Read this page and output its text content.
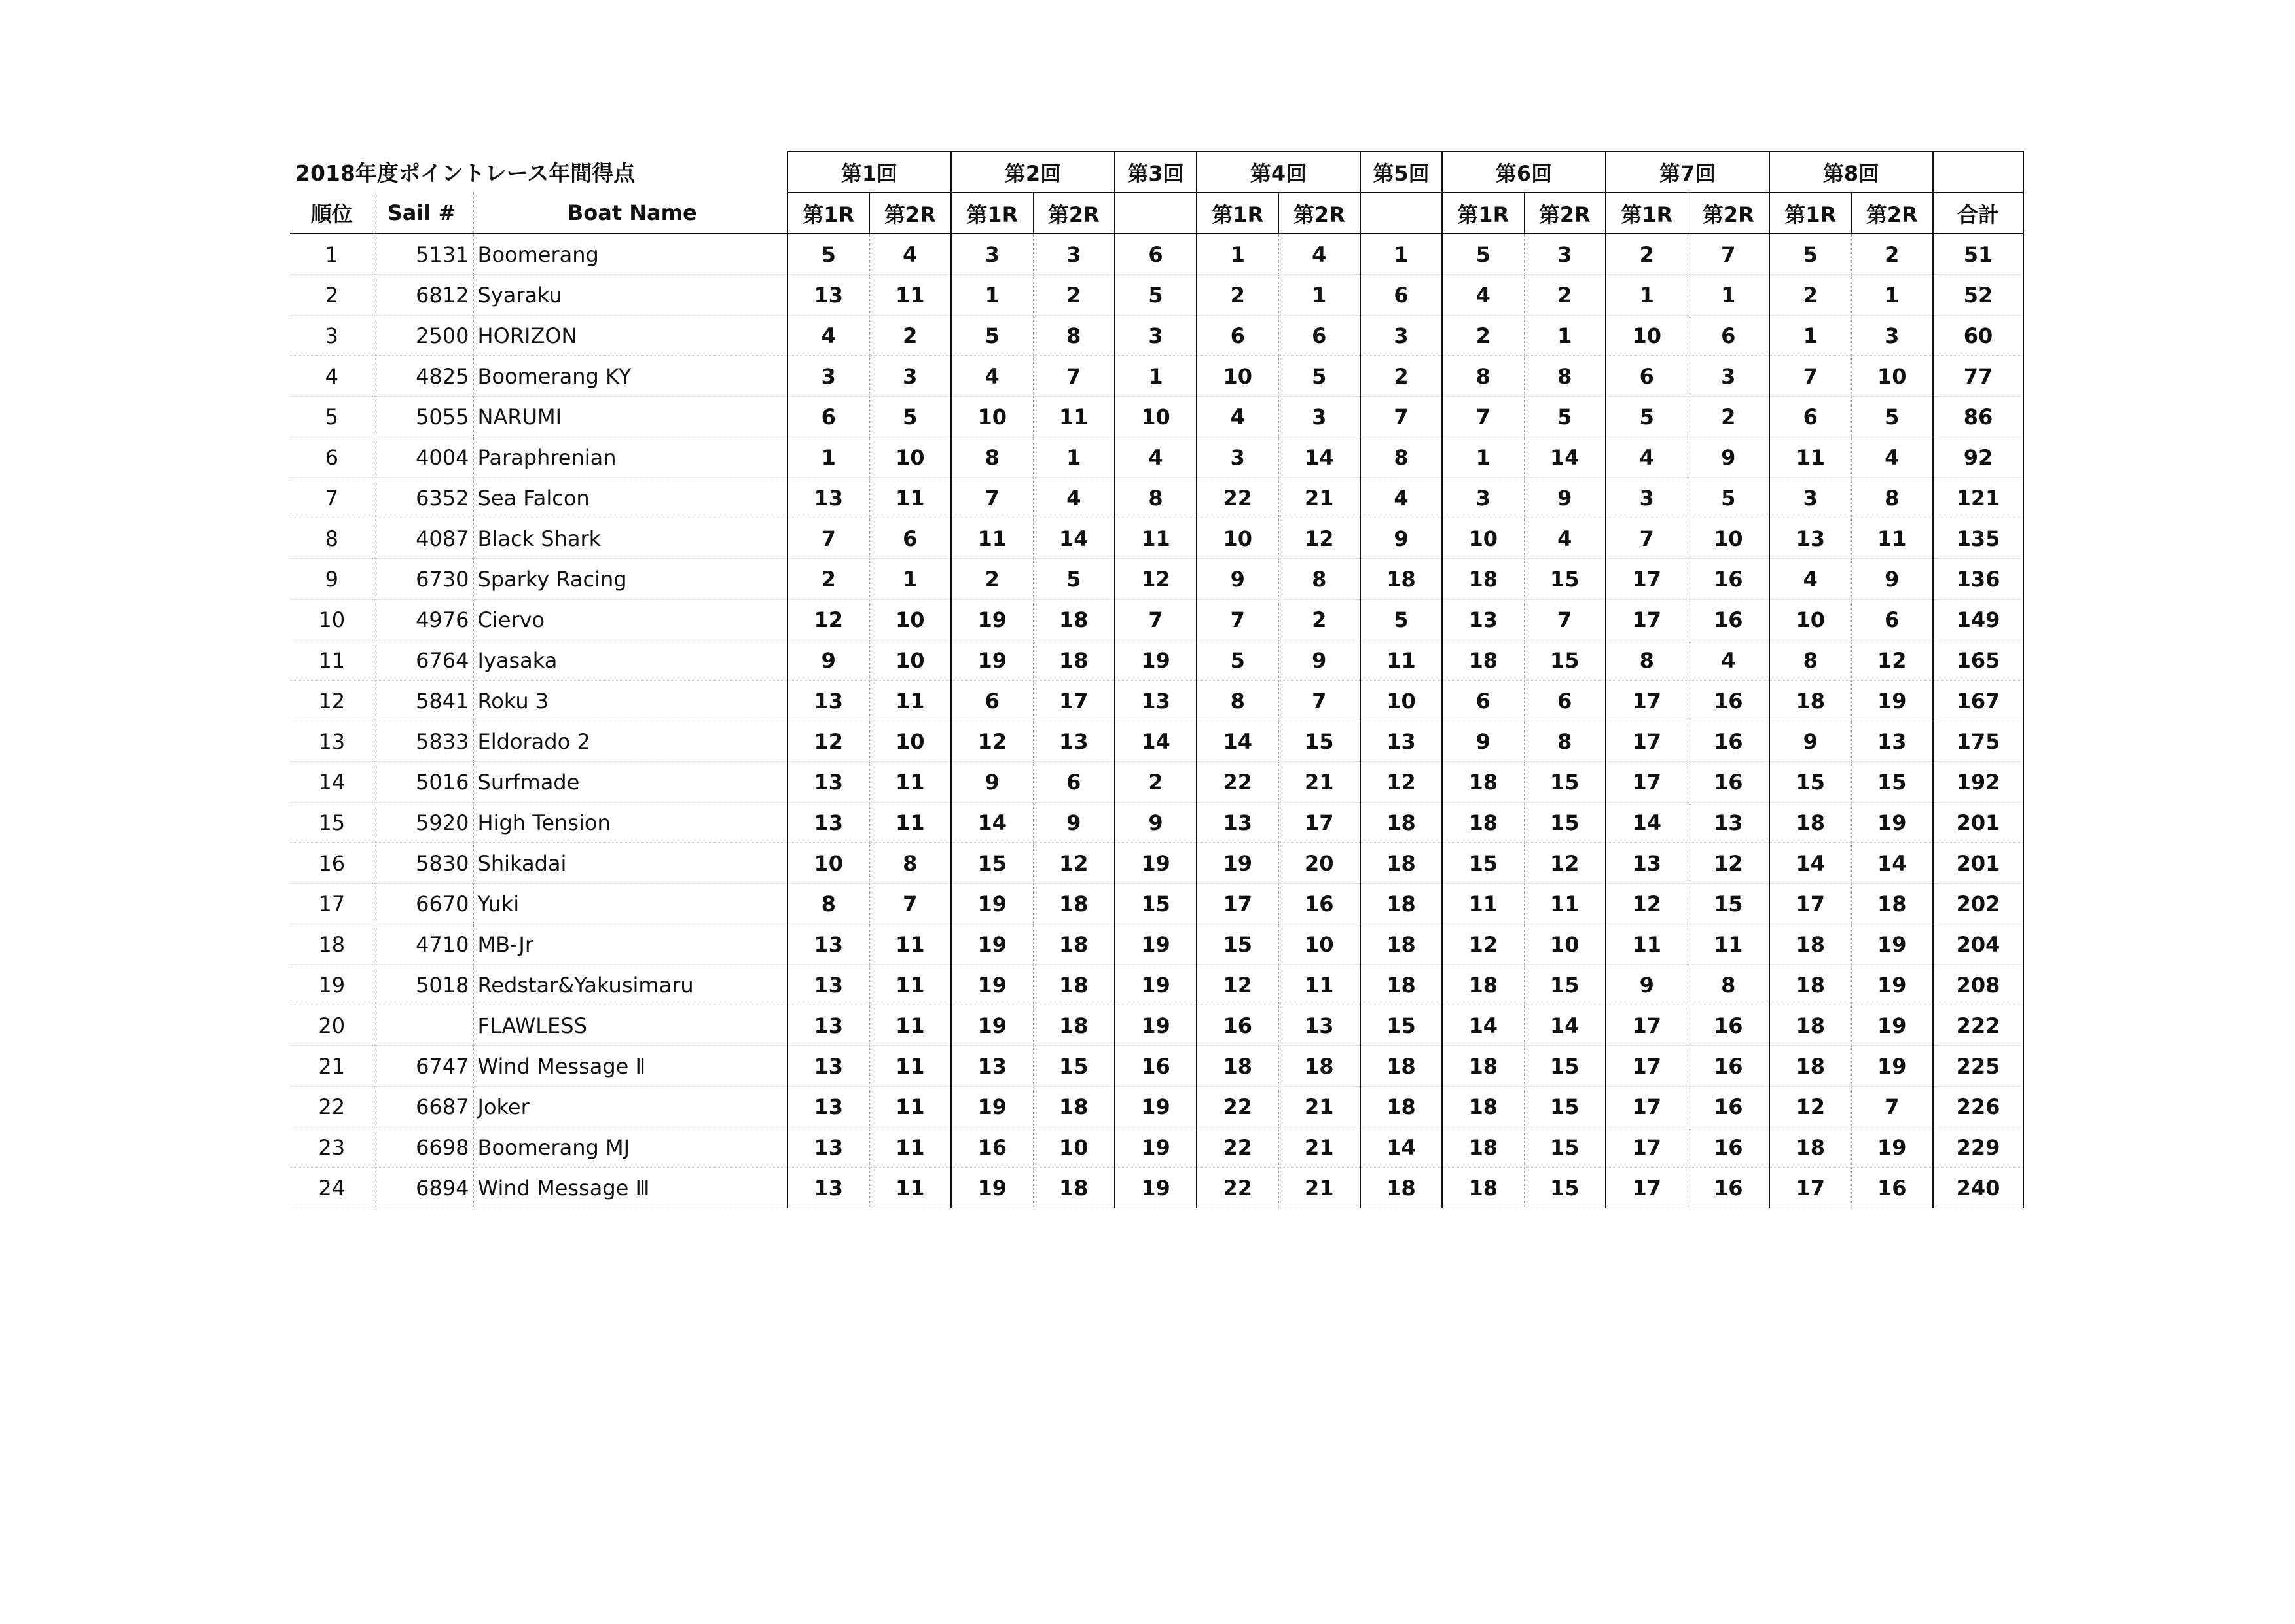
2018年度ポイントレース年間得点			第1回		第2回		第3回	第4回		第5回	第6回		第7回		第8回		
順位	Sail #	Boat Name	第1R	第2R	第1R	第2R		第1R	第2R		第1R	第2R	第1R	第2R	第1R	第2R	合計
1	5131	Boomerang	5	4	3	3	6	1	4	1	5	3	2	7	5	2	51
2	6812	Syaraku	13	11	1	2	5	2	1	6	4	2	1	1	2	1	52
3	2500	HORIZON	4	2	5	8	3	6	6	3	2	1	10	6	1	3	60
4	4825	Boomerang KY	3	3	4	7	1	10	5	2	8	8	6	3	7	10	77
5	5055	NARUMI	6	5	10	11	10	4	3	7	7	5	5	2	6	5	86
6	4004	Paraphrenian	1	10	8	1	4	3	14	8	1	14	4	9	11	4	92
7	6352	Sea Falcon	13	11	7	4	8	22	21	4	3	9	3	5	3	8	121
8	4087	Black Shark	7	6	11	14	11	10	12	9	10	4	7	10	13	11	135
9	6730	Sparky Racing	2	1	2	5	12	9	8	18	18	15	17	16	4	9	136
10	4976	Ciervo	12	10	19	18	7	7	2	5	13	7	17	16	10	6	149
11	6764	Iyasaka	9	10	19	18	19	5	9	11	18	15	8	4	8	12	165
12	5841	Roku 3	13	11	6	17	13	8	7	10	6	6	17	16	18	19	167
13	5833	Eldorado 2	12	10	12	13	14	14	15	13	9	8	17	16	9	13	175
14	5016	Surfmade	13	11	9	6	2	22	21	12	18	15	17	16	15	15	192
15	5920	High Tension	13	11	14	9	9	13	17	18	18	15	14	13	18	19	201
16	5830	Shikadai	10	8	15	12	19	19	20	18	15	12	13	12	14	14	201
17	6670	Yuki	8	7	19	18	15	17	16	18	11	11	12	15	17	18	202
18	4710	MB-Jr	13	11	19	18	19	15	10	18	12	10	11	11	18	19	204
19	5018	Redstar&Yakusimaru	13	11	19	18	19	12	11	18	18	15	9	8	18	19	208
20		FLAWLESS	13	11	19	18	19	16	13	15	14	14	17	16	18	19	222
21	6747	Wind Message Ⅱ	13	11	13	15	16	18	18	18	18	15	17	16	18	19	225
22	6687	Joker	13	11	19	18	19	22	21	18	18	15	17	16	12	7	226
23	6698	Boomerang MJ	13	11	16	10	19	22	21	14	18	15	17	16	18	19	229
24	6894	Wind Message Ⅲ	13	11	19	18	19	22	21	18	18	15	17	16	17	16	240
